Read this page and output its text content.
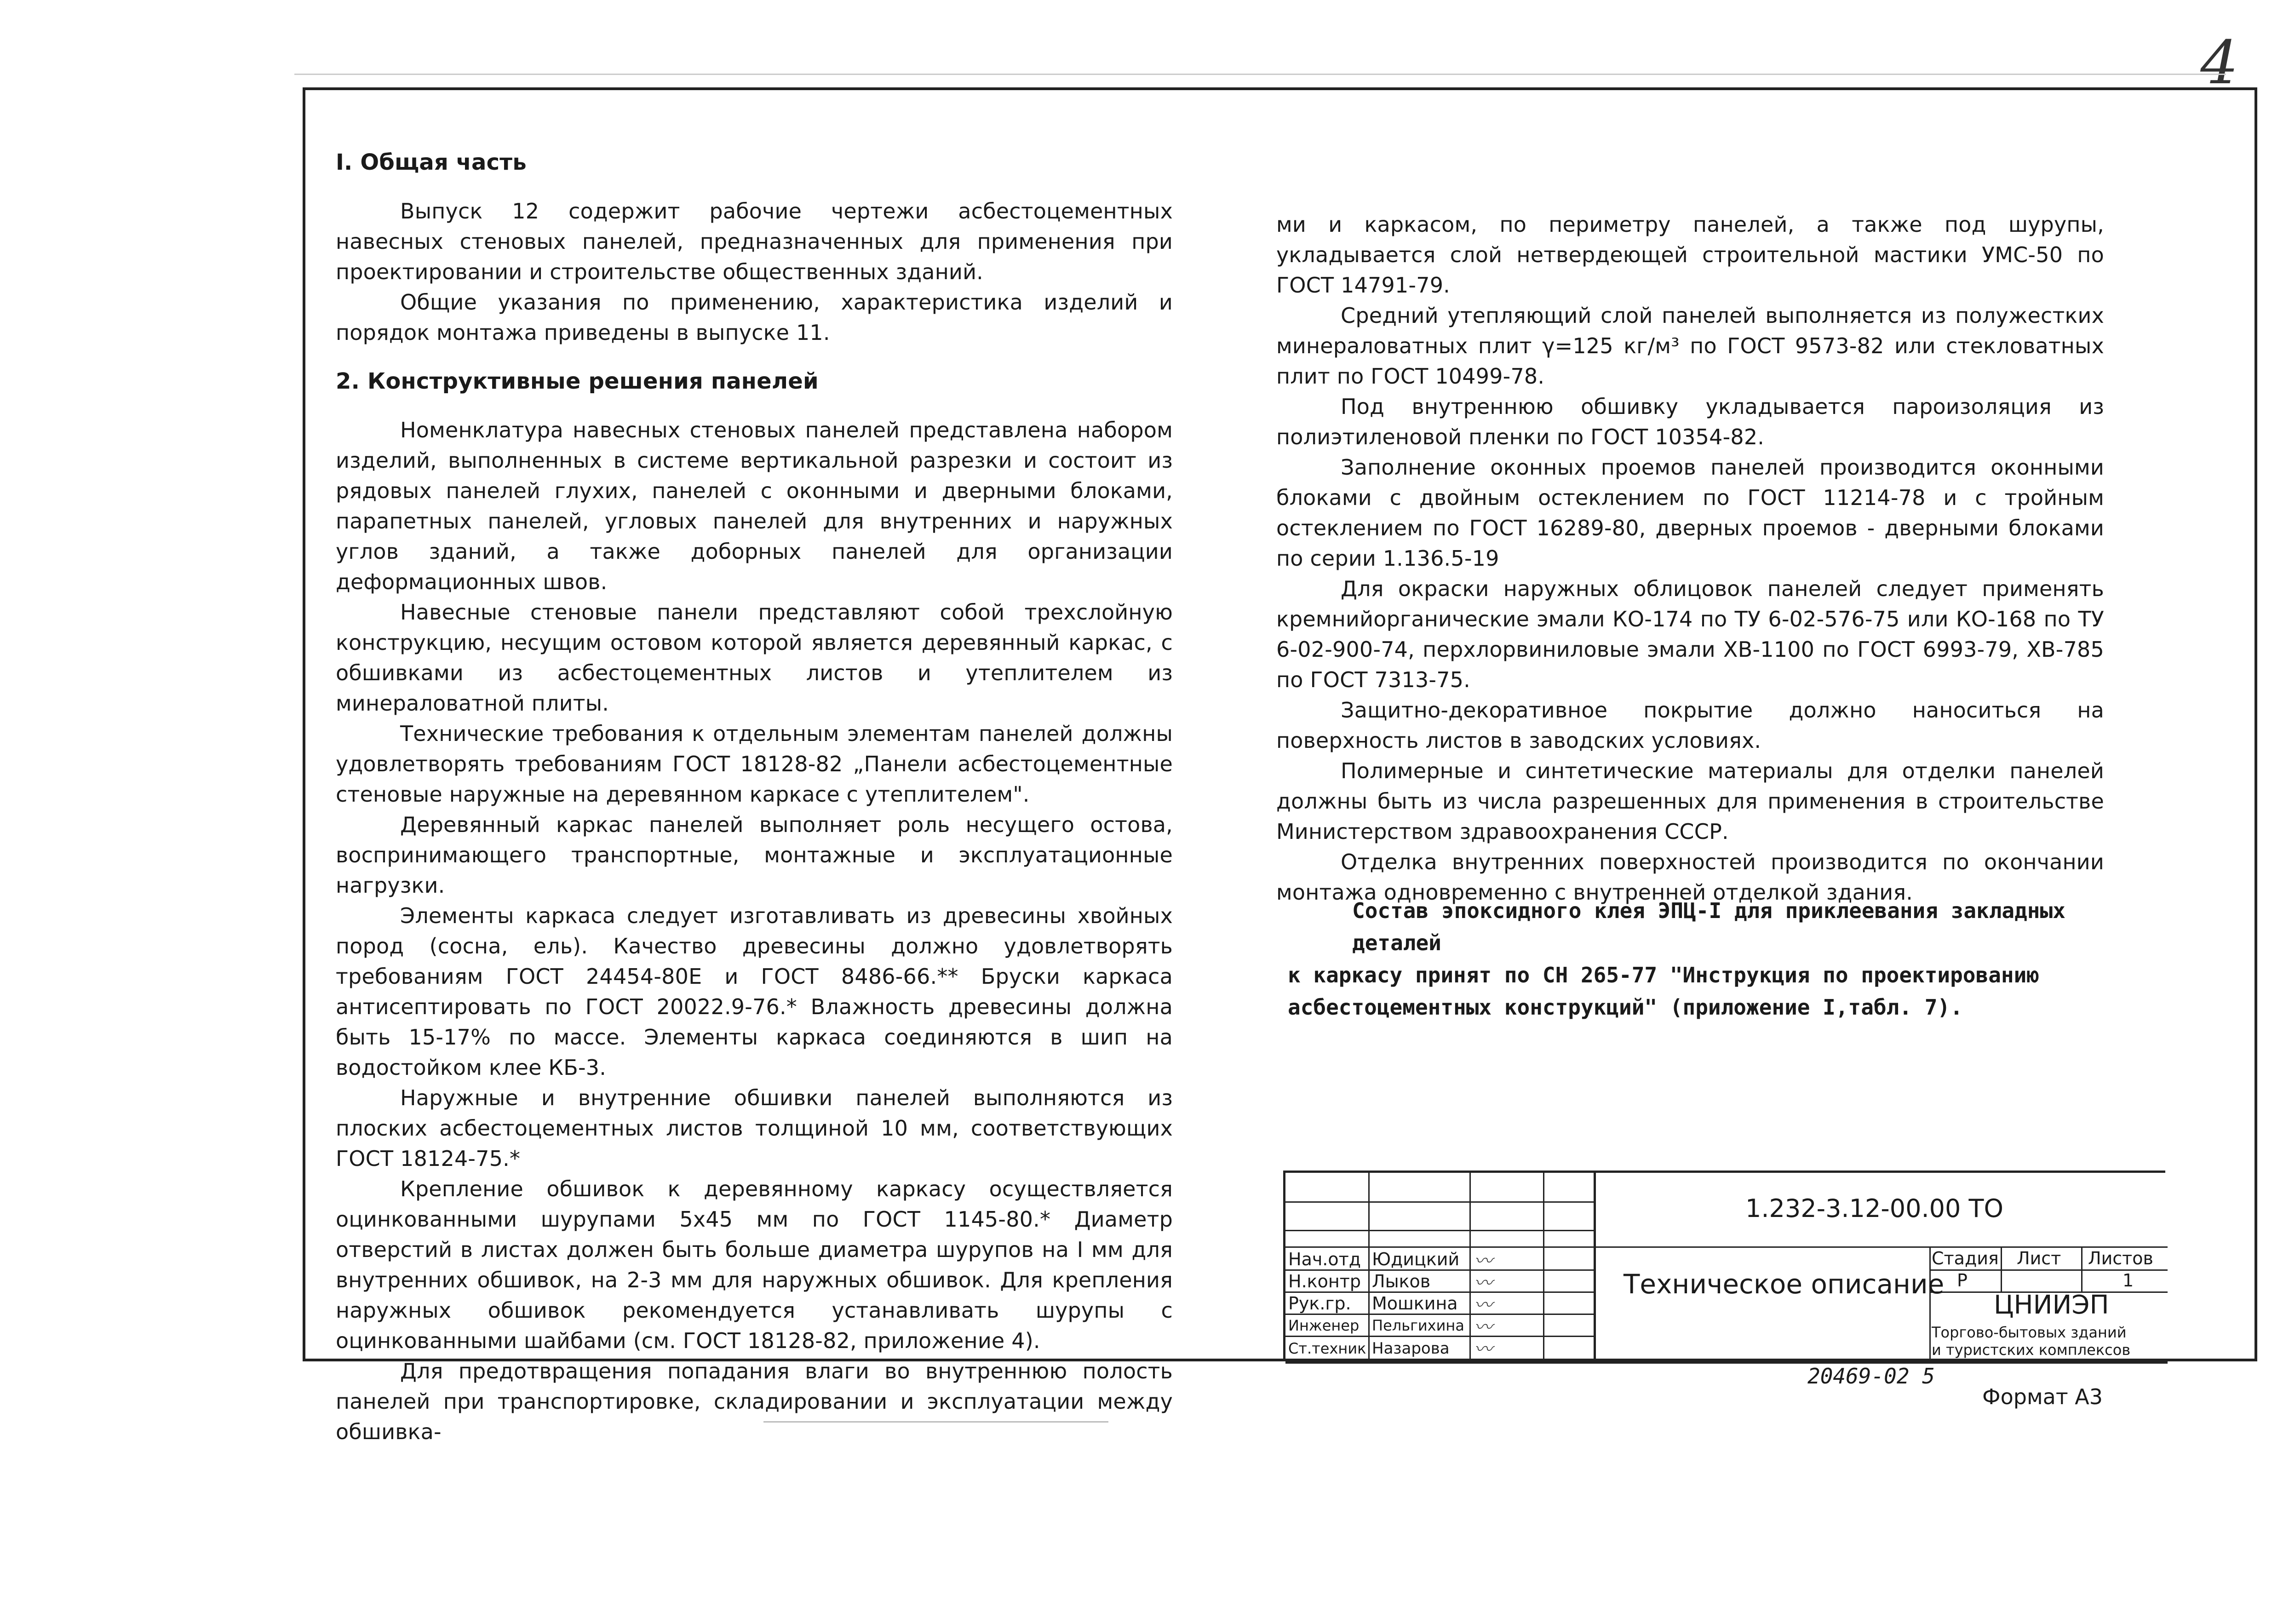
4

I. Общая часть

Выпуск 12 содержит рабочие чертежи асбестоцементных навесных стеновых панелей, предназначенных для применения при проектировании и строительстве общественных зданий.

Общие указания по применению, характеристика изделий и порядок монтажа приведены в выпуске 11.

2. Конструктивные решения панелей

Номенклатура навесных стеновых панелей представлена набором изделий, выполненных в системе вертикальной разрезки и состоит из рядовых панелей глухих, панелей с оконными и дверными блоками, парапетных панелей, угловых панелей для внутренних и наружных углов зданий, а также доборных панелей для организации деформационных швов.

Навесные стеновые панели представляют собой трехслойную конструкцию, несущим остовом которой является деревянный каркас, с обшивками из асбестоцементных листов и утеплителем из минераловатной плиты.

Технические требования к отдельным элементам панелей должны удовлетворять требованиям ГОСТ 18128-82 „Панели асбестоцементные стеновые наружные на деревянном каркасе с утеплителем".

Деревянный каркас панелей выполняет роль несущего остова, воспринимающего транспортные, монтажные и эксплуатационные нагрузки.

Элементы каркаса следует изготавливать из древесины хвойных пород (сосна, ель). Качество древесины должно удовлетворять требованиям ГОСТ 24454-80Е и ГОСТ 8486-66.** Бруски каркаса антисептировать по ГОСТ 20022.9-76.* Влажность древесины должна быть 15-17% по массе. Элементы каркаса соединяются в шип на водостойком клее КБ-3.

Наружные и внутренние обшивки панелей выполняются из плоских асбестоцементных листов толщиной 10 мм, соответствующих ГОСТ 18124-75.*

Крепление обшивок к деревянному каркасу осуществляется оцинкованными шурупами 5х45 мм по ГОСТ 1145-80.* Диаметр отверстий в листах должен быть больше диаметра шурупов на I мм для внутренних обшивок, на 2-3 мм для наружных обшивок. Для крепления наружных обшивок рекомендуется устанавливать шурупы с оцинкованными шайбами (см. ГОСТ 18128-82, приложение 4).

Для предотвращения попадания влаги во внутреннюю полость панелей при транспортировке, складировании и эксплуатации между обшивка-

ми и каркасом, по периметру панелей, а также под шурупы, укладывается слой нетвердеющей строительной мастики УМС-50 по ГОСТ 14791-79.

Средний утепляющий слой панелей выполняется из полужестких минераловатных плит γ=125 кг/м³ по ГОСТ 9573-82 или стекловатных плит по ГОСТ 10499-78.

Под внутреннюю обшивку укладывается пароизоляция из полиэтиленовой пленки по ГОСТ 10354-82.

Заполнение оконных проемов панелей производится оконными блоками с двойным остеклением по ГОСТ 11214-78 и с тройным остеклением по ГОСТ 16289-80, дверных проемов - дверными блоками по серии 1.136.5-19

Для окраски наружных облицовок панелей следует применять кремнийорганические эмали КО-174 по ТУ 6-02-576-75 или КО-168 по ТУ 6-02-900-74, перхлорвиниловые эмали ХВ-1100 по ГОСТ 6993-79, ХВ-785 по ГОСТ 7313-75.

Защитно-декоративное покрытие должно наноситься на поверхность листов в заводских условиях.

Полимерные и синтетические материалы для отделки панелей должны быть из числа разрешенных для применения в строительстве Министерством здравоохранения СССР.

Отделка внутренних поверхностей производится по окончании монтажа одновременно с внутренней отделкой здания.

Состав эпоксидного клея ЭПЦ-I для приклеевания закладных деталей

к каркасу принят по СН 265-77 "Инструкция по проектированию

асбестоцементных конструкций" (приложение I,табл. 7).

1.232-3.12-00.00 ТО
Нач.отд
Н.контр
Рук.гр.
Инженер
Ст.техник
Юдицкий
Лыков
Мошкина
Пельгихина
Назарова
〰
〰
〰
〰
〰
Техническое описание
Стадия Лист Листов
Р	1
ЦНИИЭП
Торгово-бытовых зданий
и туристских комплексов
20469-02 5
Формат А3
